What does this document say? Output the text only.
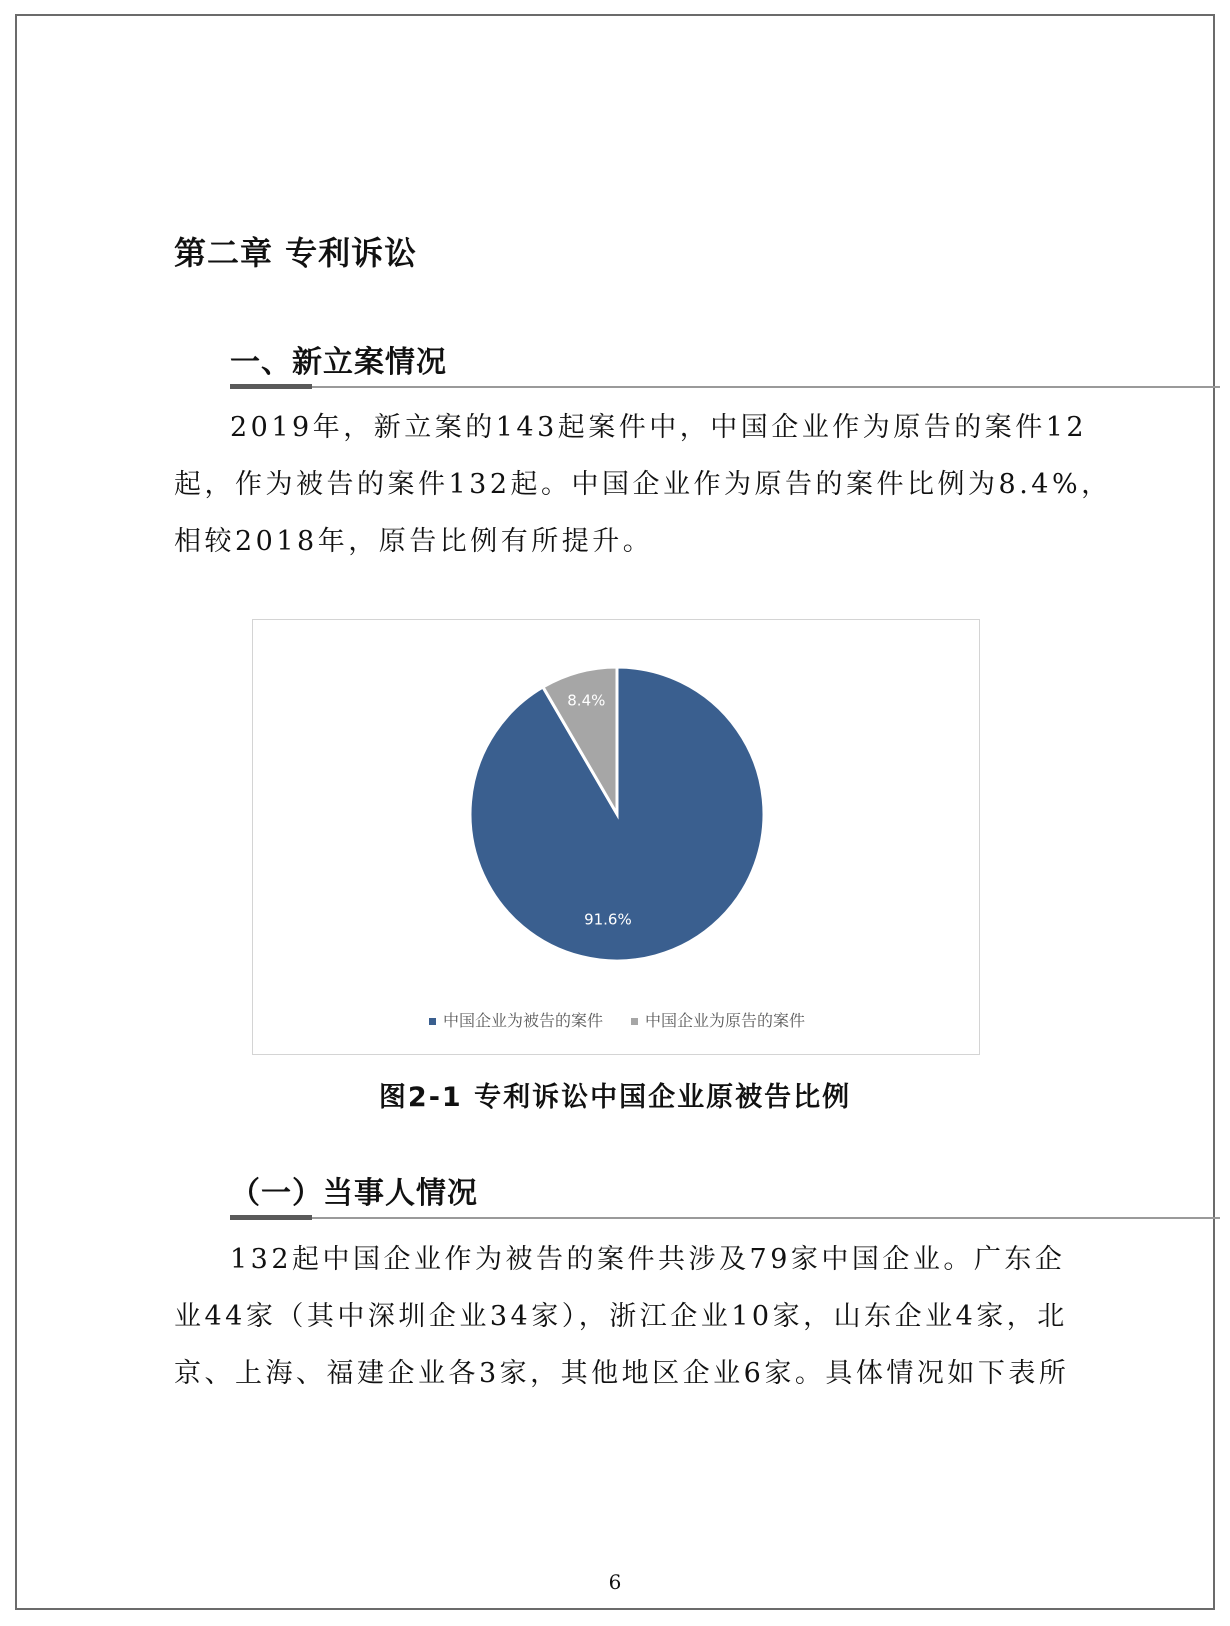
第二章 专利诉讼
一、新立案情况
2019年，新立案的143起案件中，中国企业作为原告的案件12
起，作为被告的案件132起。中国企业作为原告的案件比例为8.4%，
相较2018年，原告比例有所提升。
91.6%
8.4%
中国企业为被告的案件	中国企业为原告的案件
图2-1 专利诉讼中国企业原被告比例
（一）当事人情况
132起中国企业作为被告的案件共涉及79家中国企业。广东企
业44家（其中深圳企业34家），浙江企业10家，山东企业4家，北
京、上海、福建企业各3家，其他地区企业6家。具体情况如下表所
6
